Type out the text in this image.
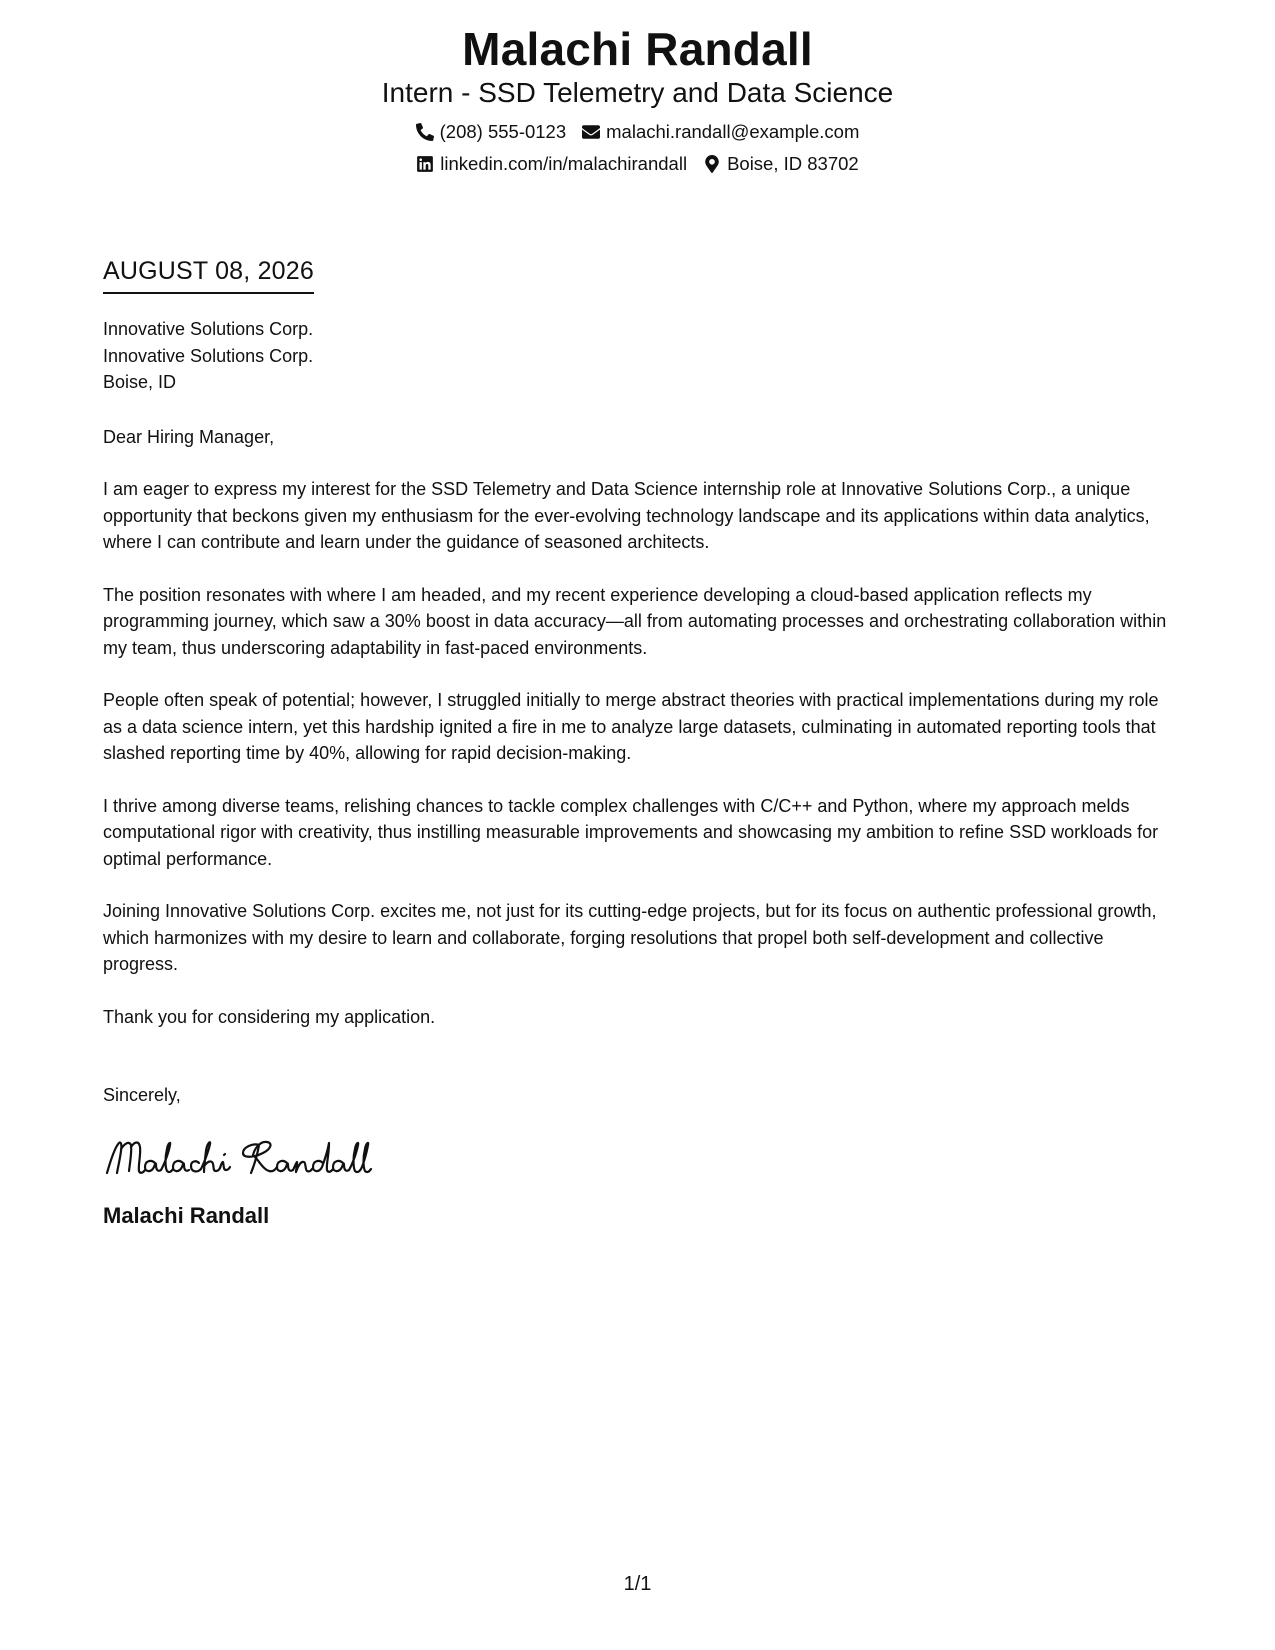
Malachi Randall
Intern - SSD Telemetry and Data Science
(208) 555-0123 malachi.randall@example.com
linkedin.com/in/malachirandall Boise, ID 83702
AUGUST 08, 2026
Innovative Solutions Corp.
Innovative Solutions Corp.
Boise, ID
Dear Hiring Manager,
I am eager to express my interest for the SSD Telemetry and Data Science internship role at Innovative Solutions Corp., a unique opportunity that beckons given my enthusiasm for the ever-evolving technology landscape and its applications within data analytics, where I can contribute and learn under the guidance of seasoned architects.
The position resonates with where I am headed, and my recent experience developing a cloud-based application reflects my programming journey, which saw a 30% boost in data accuracy—all from automating processes and orchestrating collaboration within my team, thus underscoring adaptability in fast-paced environments.
People often speak of potential; however, I struggled initially to merge abstract theories with practical implementations during my role as a data science intern, yet this hardship ignited a fire in me to analyze large datasets, culminating in automated reporting tools that slashed reporting time by 40%, allowing for rapid decision-making.
I thrive among diverse teams, relishing chances to tackle complex challenges with C/C++ and Python, where my approach melds computational rigor with creativity, thus instilling measurable improvements and showcasing my ambition to refine SSD workloads for optimal performance.
Joining Innovative Solutions Corp. excites me, not just for its cutting-edge projects, but for its focus on authentic professional growth, which harmonizes with my desire to learn and collaborate, forging resolutions that propel both self-development and collective progress.
Thank you for considering my application.
Sincerely,
Malachi Randall
1/1
